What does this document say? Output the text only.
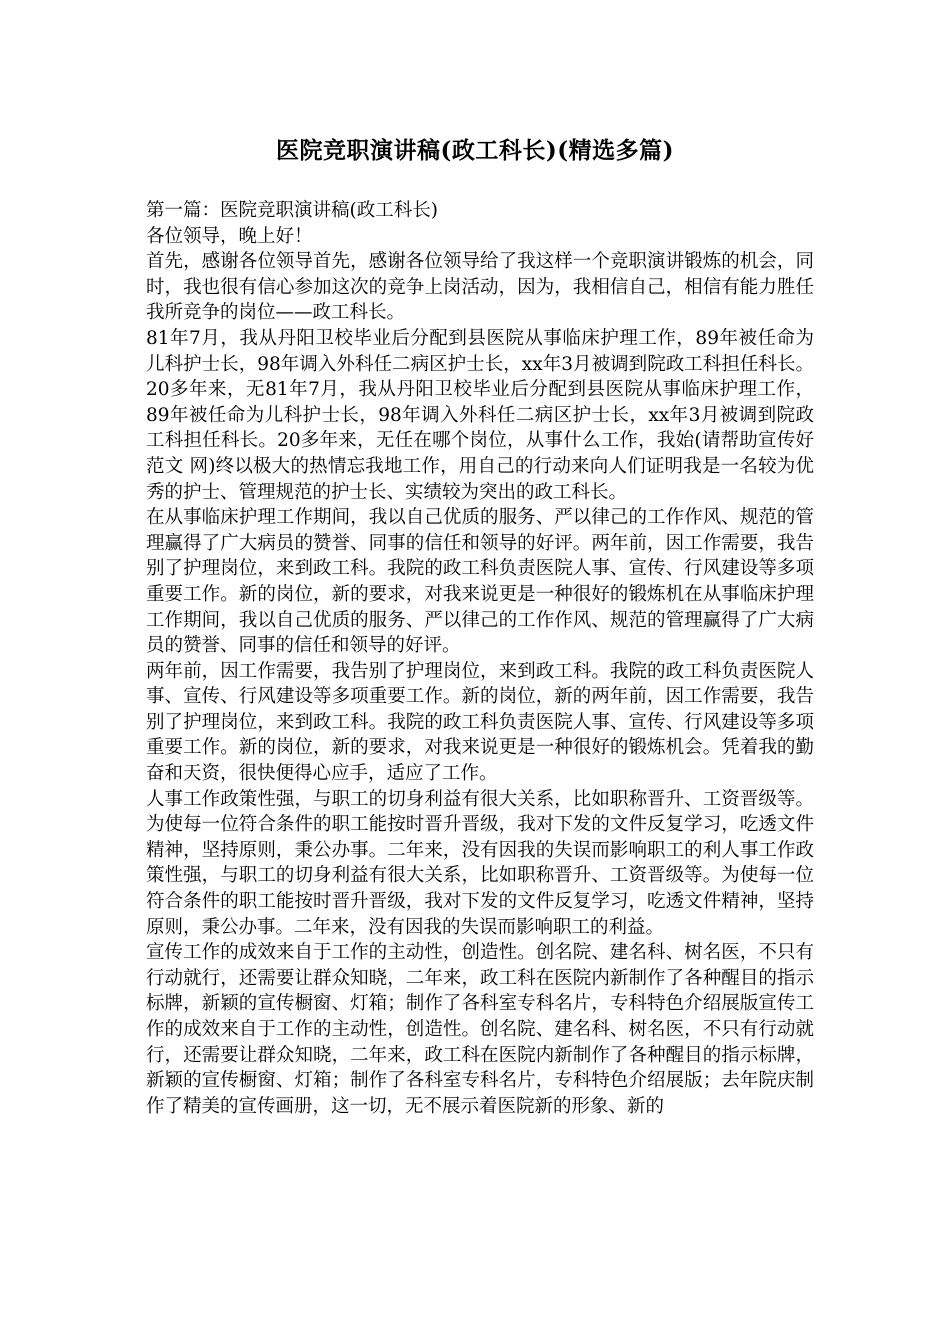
医院竞职演讲稿(政工科长)(精选多篇)

第一篇：医院竞职演讲稿(政工科长)

各位领导，晚上好！

首先，感谢各位领导首先，感谢各位领导给了我这样一个竞职演讲锻炼的机会，同时，我也很有信心参加这次的竞争上岗活动，因为，我相信自己，相信有能力胜任我所竞争的岗位——政工科长。

81年7月，我从丹阳卫校毕业后分配到县医院从事临床护理工作，89年被任命为儿科护士长，98年调入外科任二病区护士长，xx年3月被调到院政工科担任科长。20多年来，无81年7月，我从丹阳卫校毕业后分配到县医院从事临床护理工作，89年被任命为儿科护士长，98年调入外科任二病区护士长，xx年3月被调到院政工科担任科长。20多年来，无任在哪个岗位，从事什么工作，我始(请帮助宣传好范文 网)终以极大的热情忘我地工作，用自己的行动来向人们证明我是一名较为优秀的护士、管理规范的护士长、实绩较为突出的政工科长。

在从事临床护理工作期间，我以自己优质的服务、严以律己的工作作风、规范的管理赢得了广大病员的赞誉、同事的信任和领导的好评。两年前，因工作需要，我告别了护理岗位，来到政工科。我院的政工科负责医院人事、宣传、行风建设等多项重要工作。新的岗位，新的要求，对我来说更是一种很好的锻炼机在从事临床护理工作期间，我以自己优质的服务、严以律己的工作作风、规范的管理赢得了广大病员的赞誉、同事的信任和领导的好评。

两年前，因工作需要，我告别了护理岗位，来到政工科。我院的政工科负责医院人事、宣传、行风建设等多项重要工作。新的岗位，新的两年前，因工作需要，我告别了护理岗位，来到政工科。我院的政工科负责医院人事、宣传、行风建设等多项重要工作。新的岗位，新的要求，对我来说更是一种很好的锻炼机会。凭着我的勤奋和天资，很快便得心应手，适应了工作。

人事工作政策性强，与职工的切身利益有很大关系，比如职称晋升、工资晋级等。为使每一位符合条件的职工能按时晋升晋级，我对下发的文件反复学习，吃透文件精神，坚持原则，秉公办事。二年来，没有因我的失误而影响职工的利人事工作政策性强，与职工的切身利益有很大关系，比如职称晋升、工资晋级等。为使每一位符合条件的职工能按时晋升晋级，我对下发的文件反复学习，吃透文件精神，坚持原则，秉公办事。二年来，没有因我的失误而影响职工的利益。

宣传工作的成效来自于工作的主动性，创造性。创名院、建名科、树名医，不只有行动就行，还需要让群众知晓，二年来，政工科在医院内新制作了各种醒目的指示标牌，新颖的宣传橱窗、灯箱；制作了各科室专科名片，专科特色介绍展版宣传工作的成效来自于工作的主动性，创造性。创名院、建名科、树名医，不只有行动就行，还需要让群众知晓，二年来，政工科在医院内新制作了各种醒目的指示标牌，新颖的宣传橱窗、灯箱；制作了各科室专科名片，专科特色介绍展版；去年院庆制作了精美的宣传画册，这一切，无不展示着医院新的形象、新的
